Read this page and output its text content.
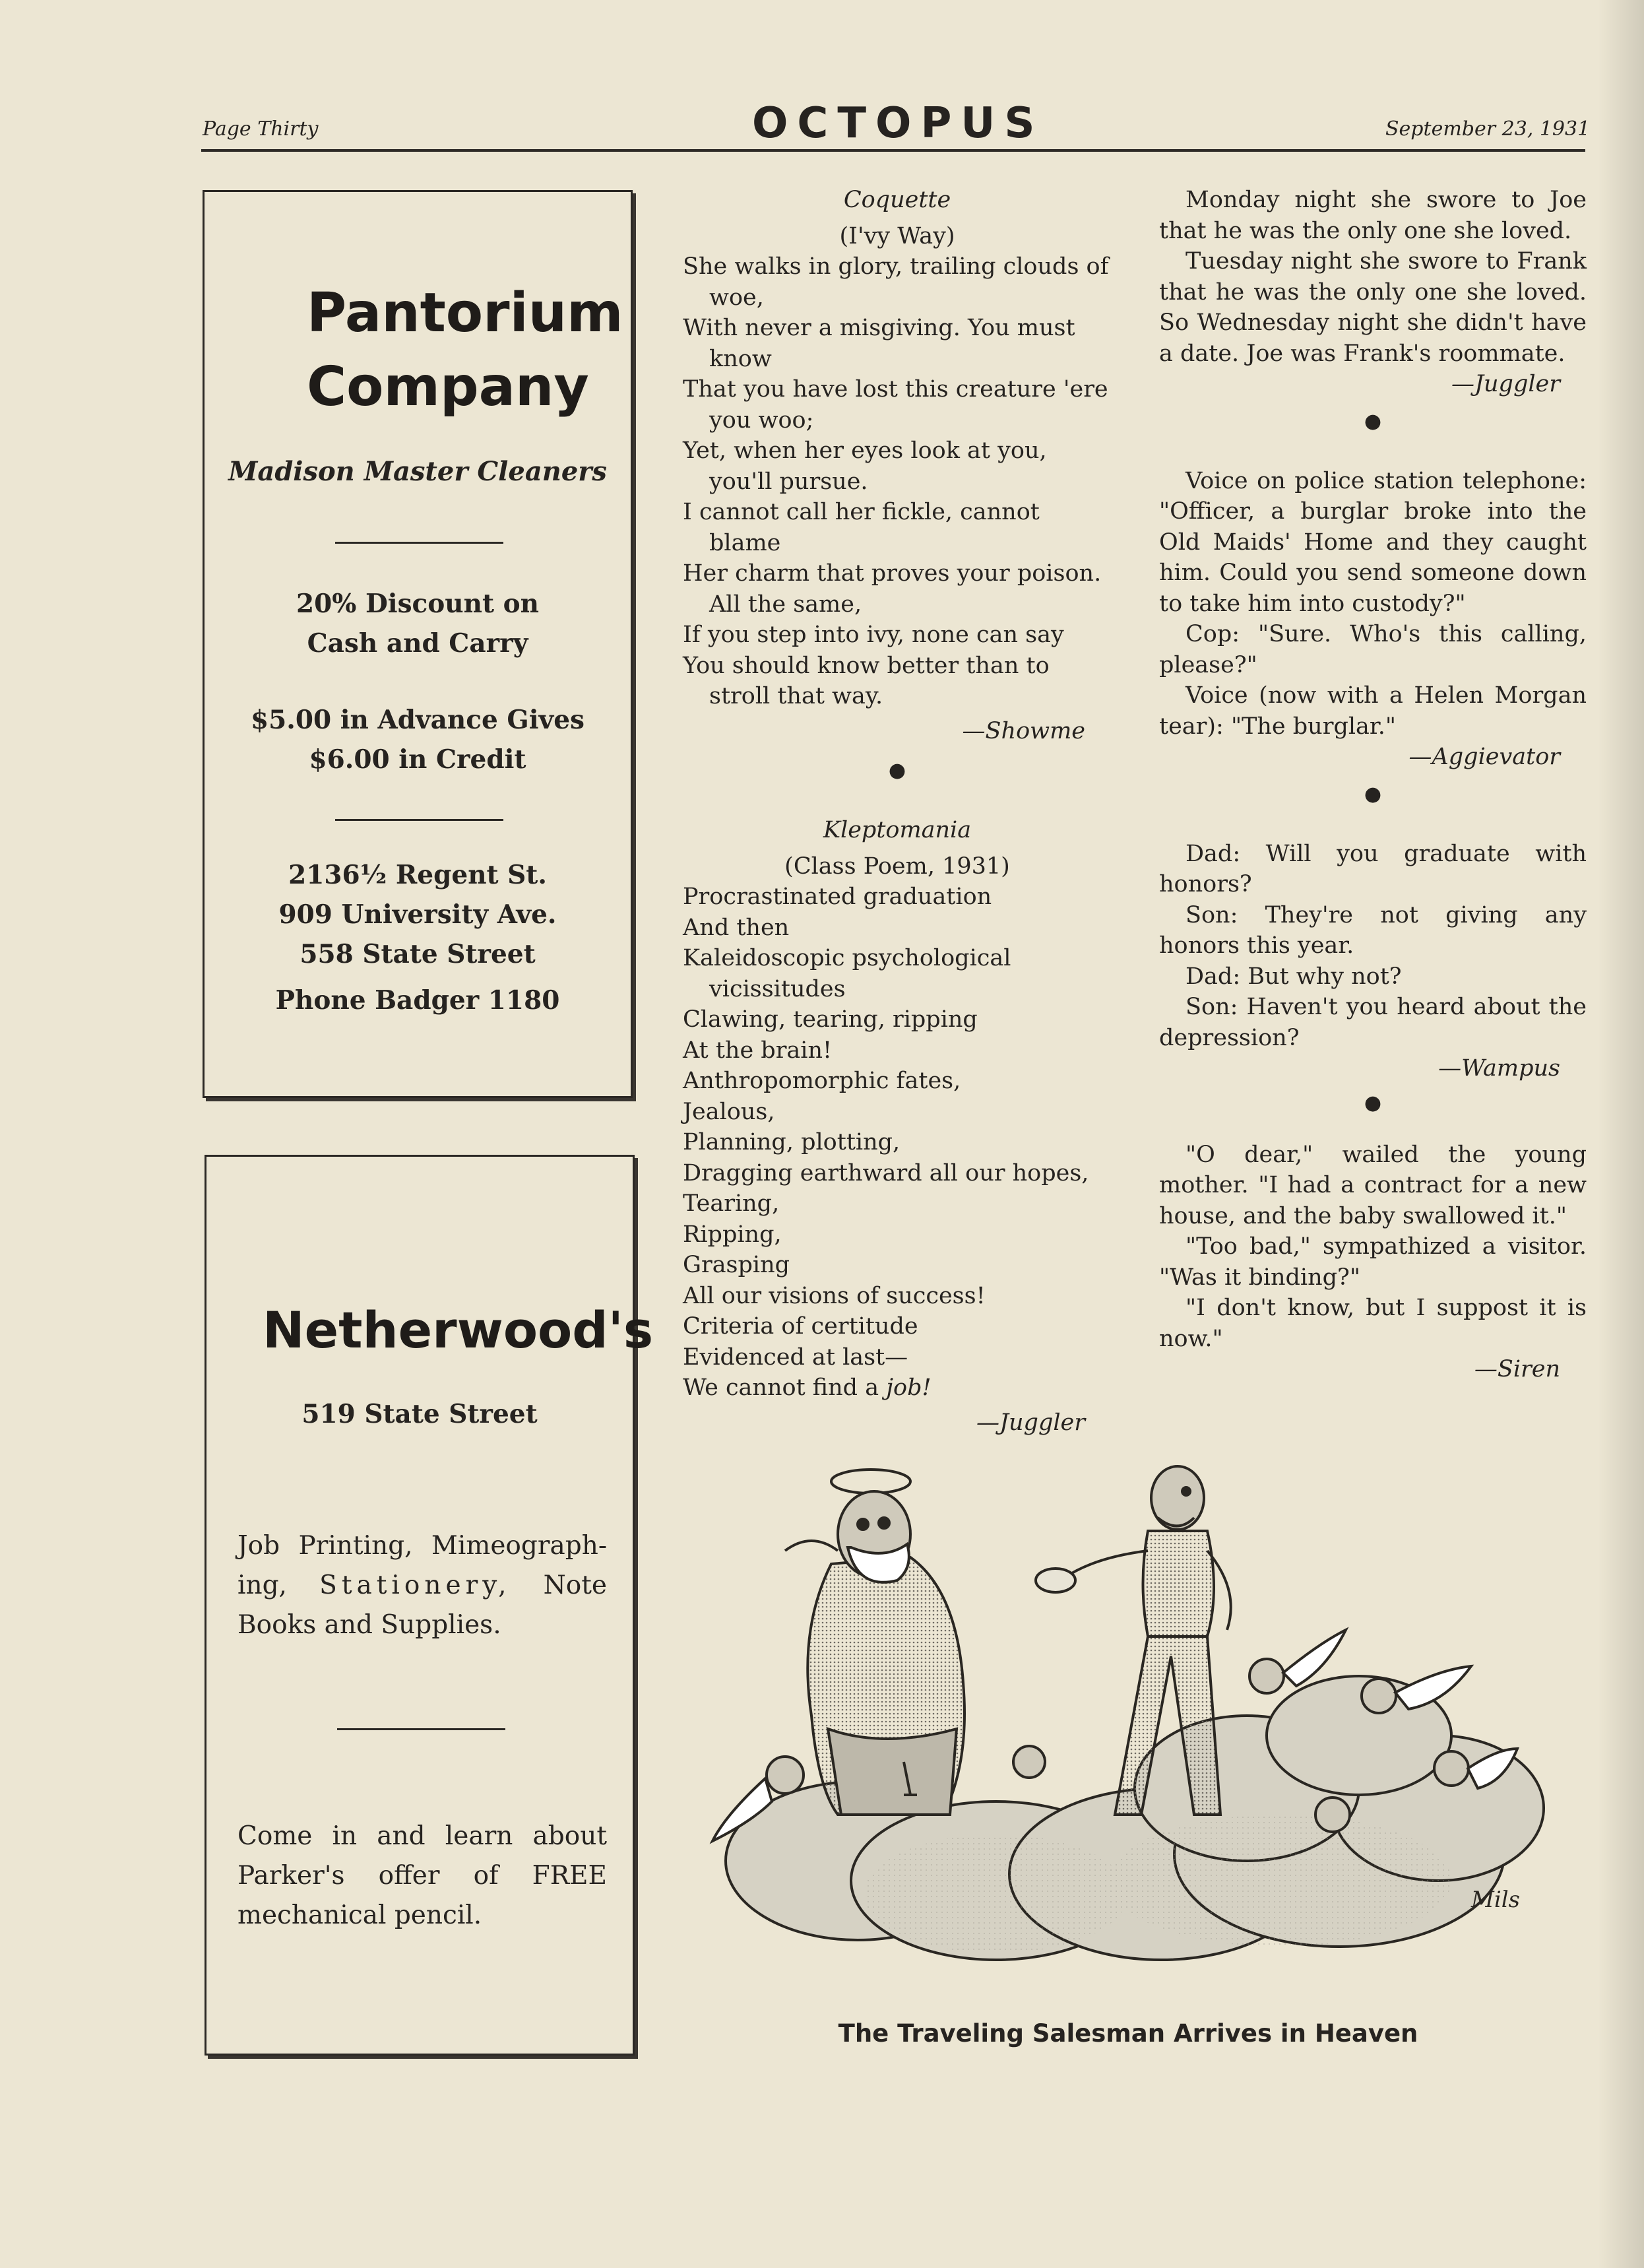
Page Thirty	OCTOPUS	September 23, 1931
Pantorium
Company
Madison Master Cleaners
20% Discount on
Cash and Carry
$5.00 in Advance Gives
$6.00 in Credit
2136½ Regent St.
909 University Ave.
558 State Street
Phone Badger 1180
Netherwood's
519 State Street
Job Printing, Mimeograph-ing, Stationery, Note Books and Supplies.
Come in and learn about Parker's offer of FREE mechanical pencil.
Coquette
(I'vy Way)

She walks in glory, trailing clouds of woe,

With never a misgiving. You must know

That you have lost this creature 'ere you woo;

Yet, when her eyes look at you, you'll pursue.

I cannot call her fickle, cannot blame

Her charm that proves your poison. All the same,

If you step into ivy, none can say

You should know better than to stroll that way.

—Showme
●
Kleptomania
(Class Poem, 1931)

Procrastinated graduation

And then

Kaleidoscopic psychological vicissitudes

Clawing, tearing, ripping

At the brain!

Anthropomorphic fates,

Jealous,

Planning, plotting,

Dragging earthward all our hopes,

Tearing,

Ripping,

Grasping

All our visions of success!

Criteria of certitude

Evidenced at last—

We cannot find a job!

—Juggler

Monday night she swore to Joe that he was the only one she loved.

Tuesday night she swore to Frank that he was the only one she loved. So Wednesday night she didn't have a date. Joe was Frank's roommate.

—Juggler
●

Voice on police station telephone: "Officer, a burglar broke into the Old Maids' Home and they caught him. Could you send someone down to take him into custody?"

Cop: "Sure. Who's this calling, please?"

Voice (now with a Helen Morgan tear): "The burglar."

—Aggievator
●

Dad: Will you graduate with honors?

Son: They're not giving any honors this year.

Dad: But why not?

Son: Haven't you heard about the depression?

—Wampus
●

"O dear," wailed the young mother. "I had a contract for a new house, and the baby swallowed it."

"Too bad," sympathized a visitor. "Was it binding?"

"I don't know, but I suppost it is now."

—Siren
Mils
The Traveling Salesman Arrives in Heaven
